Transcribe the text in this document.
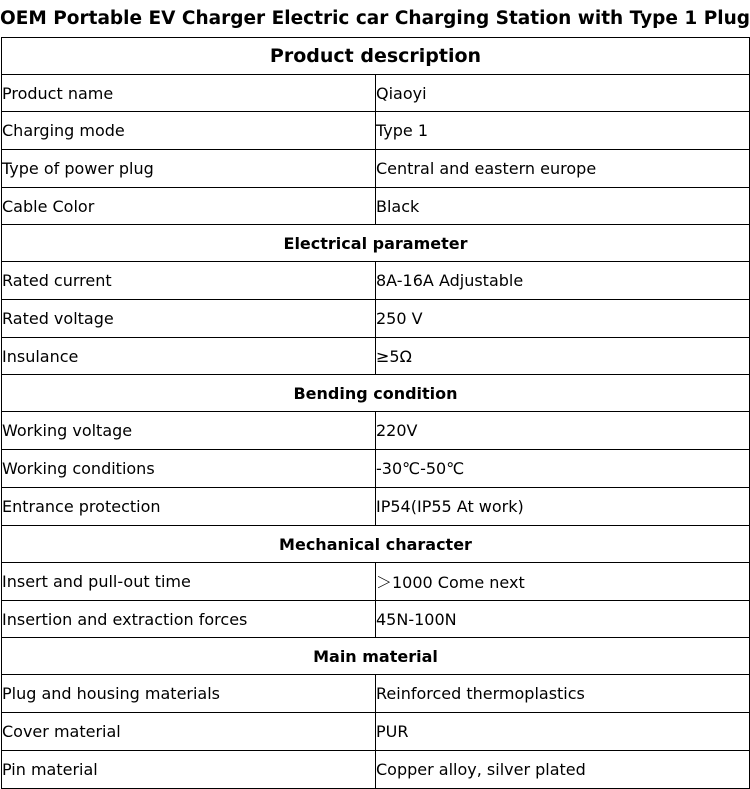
OEM Portable EV Charger Electric car Charging Station with Type 1 Plug
Product description	
Product name	Qiaoyi
Charging mode	Type 1
Type of power plug	Central and eastern europe
Cable Color	Black
Electrical parameter	
Rated current	8A-16A Adjustable
Rated voltage	250 V
Insulance	≥5Ω
Bending condition	
Working voltage	220V
Working conditions	-30℃-50℃
Entrance protection	IP54(IP55 At work)
Mechanical character	
Insert and pull-out time	＞1000 Come next
Insertion and extraction forces	45N-100N
Main material	
Plug and housing materials	Reinforced thermoplastics
Cover material	PUR
Pin material	Copper alloy, silver plated
